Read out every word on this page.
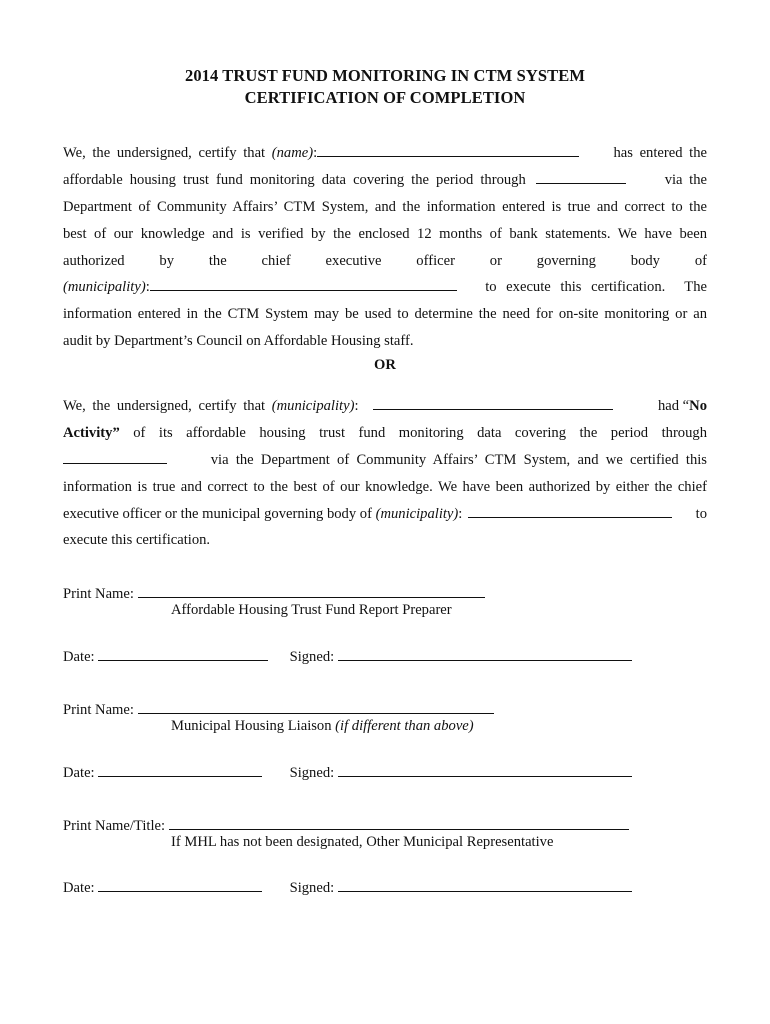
2014 TRUST FUND MONITORING IN CTM SYSTEM
CERTIFICATION OF COMPLETION
We, the undersigned, certify that (name) :	has entered the
affordable housing trust fund monitoring data covering the period through	via the
Department of Community Affairs’ CTM System, and the information entered is true and correct to the
best of our knowledge and is verified by the enclosed 12 months of bank statements. We have been
authorized by the chief executive officer or governing body of
(municipality) :	to execute this certification.  The
information entered in the CTM System may be used to determine the need for on-site monitoring or an
audit by Department’s Council on Affordable Housing staff.
OR
We, the undersigned, certify that (municipality) :	had “No
Activity” of its affordable housing trust fund monitoring data covering the period through
via the Department of Community Affairs’ CTM System, and we certified this
information is true and correct to the best of our knowledge. We have been authorized by either the chief
executive officer or the municipal governing body of (municipality) :	to
execute this certification.
Print Name:
Affordable Housing Trust Fund Report Preparer
Date:	Signed:
Print Name:
Municipal Housing Liaison (if different than above)
Date:	Signed:
Print Name/Title:
If MHL has not been designated, Other Municipal Representative
Date:	Signed:
